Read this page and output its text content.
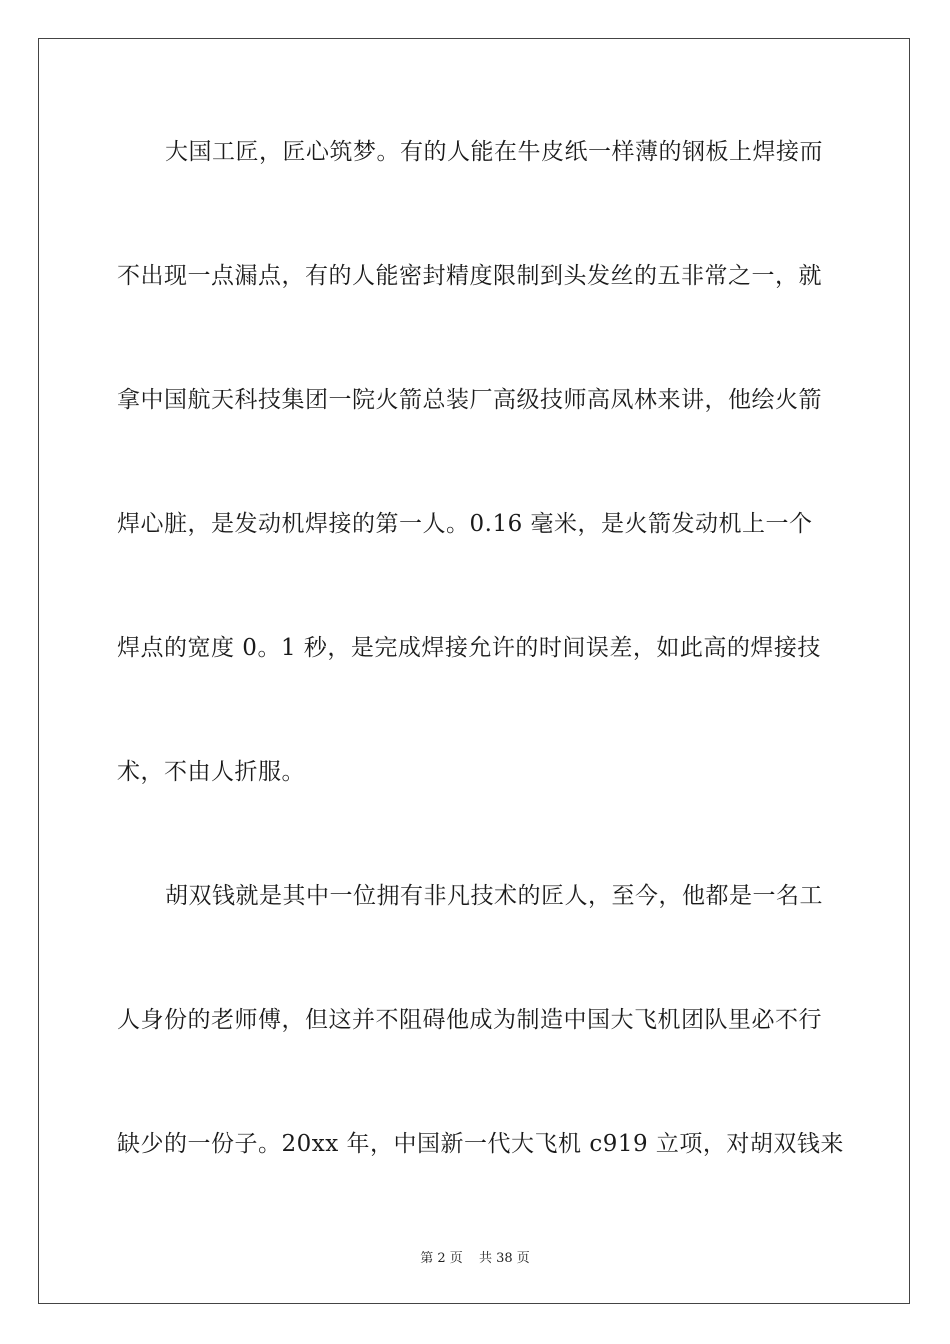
大国工匠，匠心筑梦。有的人能在牛皮纸一样薄的钢板上焊接而
不出现一点漏点，有的人能密封精度限制到头发丝的五非常之一，就
拿中国航天科技集团一院火箭总装厂高级技师高凤林来讲，他绘火箭
焊心脏，是发动机焊接的第一人。0.16 毫米，是火箭发动机上一个
焊点的宽度 0。1 秒，是完成焊接允许的时间误差，如此高的焊接技
术，不由人折服。
胡双钱就是其中一位拥有非凡技术的匠人，至今，他都是一名工
人身份的老师傅，但这并不阻碍他成为制造中国大飞机团队里必不行
缺少的一份子。20xx 年，中国新一代大飞机 c919 立项，对胡双钱来
第 2 页 共 38 页
